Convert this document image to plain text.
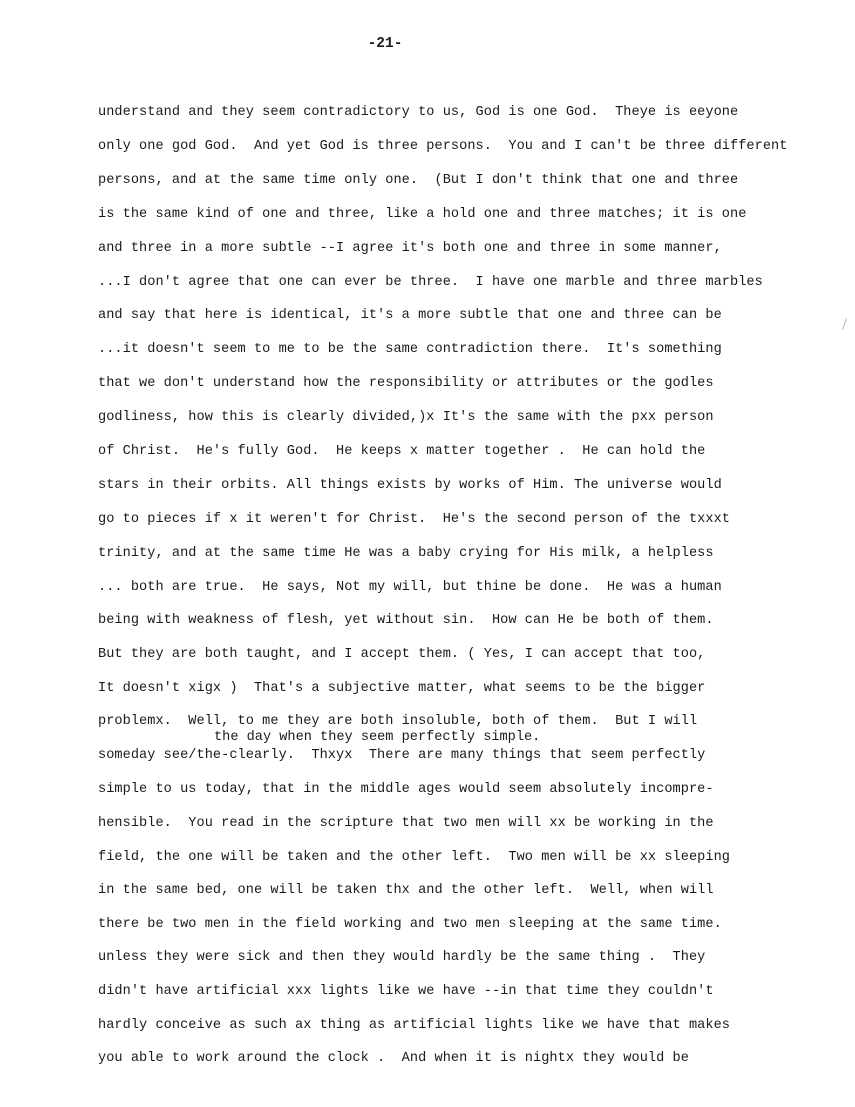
-21-
understand and they seem contradictory to us, God is one God.  Theye is eeyone
only one god God.  And yet God is three persons.  You and I can't be three different
persons, and at the same time only one.  (But I don't think that one and three
is the same kind of one and three, like a hold one and three matches; it is one
and three in a more subtle --I agree it's both one and three in some manner,
...I don't agree that one can ever be three.  I have one marble and three marbles
and say that here is identical, it's a more subtle that one and three can be
...it doesn't seem to me to be the same contradiction there.  It's something
that we don't understand how the responsibility or attributes or the godles
godliness, how this is clearly divided,)x It's the same with the pxx person
of Christ.  He's fully God.  He keeps x matter together .  He can hold the
stars in their orbits. All things exists by works of Him. The universe would
go to pieces if x it weren't for Christ.  He's the second person of the txxxt
trinity, and at the same time He was a baby crying for His milk, a helpless
... both are true.  He says, Not my will, but thine be done.  He was a human
being with weakness of flesh, yet without sin.  How can He be both of them.
But they are both taught, and I accept them. ( Yes, I can accept that too,
It doesn't xigx )  That's a subjective matter, what seems to be the bigger
problemx.  Well, to me they are both insoluble, both of them.  But I will
the day when they seem perfectly simple.
someday see/the-clearly.  Thxyx  There are many things that seem perfectly
simple to us today, that in the middle ages would seem absolutely incompre-
hensible.  You read in the scripture that two men will xx be working in the
field, the one will be taken and the other left.  Two men will be xx sleeping
in the same bed, one will be taken thx and the other left.  Well, when will
there be two men in the field working and two men sleeping at the same time.
unless they were sick and then they would hardly be the same thing .  They
didn't have artificial xxx lights like we have --in that time they couldn't
hardly conceive as such ax thing as artificial lights like we have that makes
you able to work around the clock .  And when it is nightx they would be
